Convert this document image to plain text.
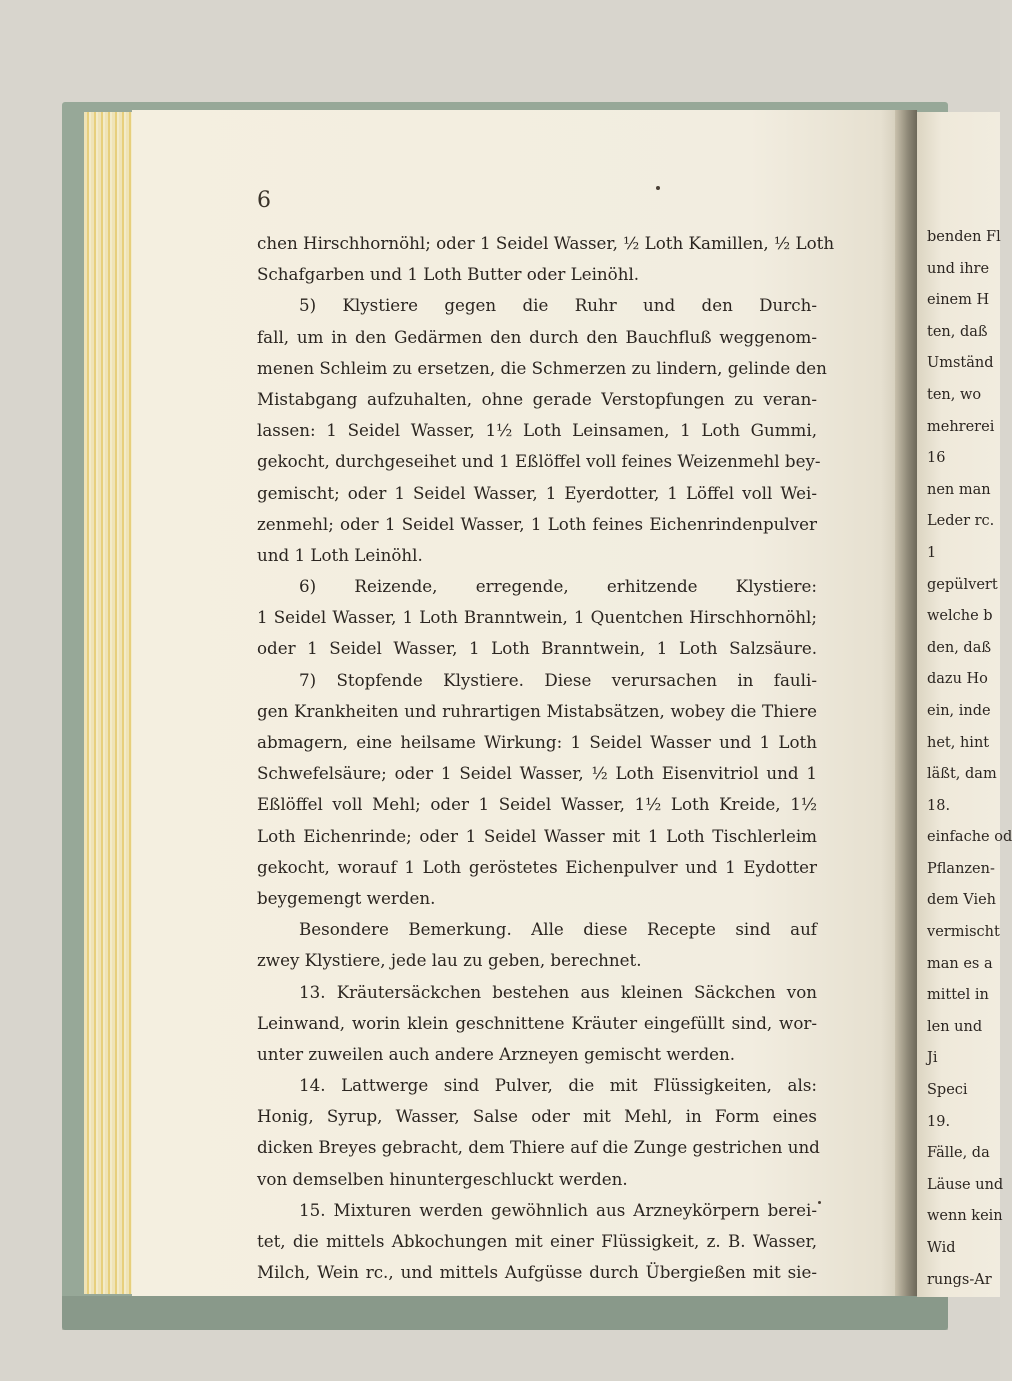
6
chen Hirschhornöhl; oder 1 Seidel Wasser, ½ Loth Kamillen, ½ Loth
Schafgarben und 1 Loth Butter oder Leinöhl.
5) Klystiere gegen die Ruhr und den Durch-
fall, um in den Gedärmen den durch den Bauchfluß weggenom-
menen Schleim zu ersetzen, die Schmerzen zu lindern, gelinde den
Mistabgang aufzuhalten, ohne gerade Verstopfungen zu veran-
lassen: 1 Seidel Wasser, 1½ Loth Leinsamen, 1 Loth Gummi,
gekocht, durchgeseihet und 1 Eßlöffel voll feines Weizenmehl bey-
gemischt; oder 1 Seidel Wasser, 1 Eyerdotter, 1 Löffel voll Wei-
zenmehl; oder 1 Seidel Wasser, 1 Loth feines Eichenrindenpulver
und 1 Loth Leinöhl.
6) Reizende, erregende, erhitzende Klystiere:
1 Seidel Wasser, 1 Loth Branntwein, 1 Quentchen Hirschhornöhl;
oder 1 Seidel Wasser, 1 Loth Branntwein, 1 Loth Salzsäure.
7) Stopfende Klystiere. Diese verursachen in fauli-
gen Krankheiten und ruhrartigen Mistabsätzen, wobey die Thiere
abmagern, eine heilsame Wirkung: 1 Seidel Wasser und 1 Loth
Schwefelsäure; oder 1 Seidel Wasser, ½ Loth Eisenvitriol und 1
Eßlöffel voll Mehl; oder 1 Seidel Wasser, 1½ Loth Kreide, 1½
Loth Eichenrinde; oder 1 Seidel Wasser mit 1 Loth Tischlerleim
gekocht, worauf 1 Loth geröstetes Eichenpulver und 1 Eydotter
beygemengt werden.
Besondere Bemerkung. Alle diese Recepte sind auf
zwey Klystiere, jede lau zu geben, berechnet.
13. Kräutersäckchen bestehen aus kleinen Säckchen von
Leinwand, worin klein geschnittene Kräuter eingefüllt sind, wor-
unter zuweilen auch andere Arzneyen gemischt werden.
14. Lattwerge sind Pulver, die mit Flüssigkeiten, als:
Honig, Syrup, Wasser, Salse oder mit Mehl, in Form eines
dicken Breyes gebracht, dem Thiere auf die Zunge gestrichen und
von demselben hinuntergeschluckt werden.
15. Mixturen werden gewöhnlich aus Arzneykörpern berei-
tet, die mittels Abkochungen mit einer Flüssigkeit, z. B. Wasser,
Milch, Wein rc., und mittels Aufgüsse durch Übergießen mit sie-
benden Fl
und ihre
einem H
ten, daß
Umständ
ten, wo
mehrerei
16
nen man
Leder rc.
1
gepülvert
welche b
den, daß
dazu Ho
ein, inde
het, hint
läßt, dam
18.
einfache od
Pflanzen-
dem Vieh
vermischt
man es a
mittel in
len und
Ji
Speci
19.
Fälle, da
Läuse und
wenn kein
Wid
rungs-Ar
